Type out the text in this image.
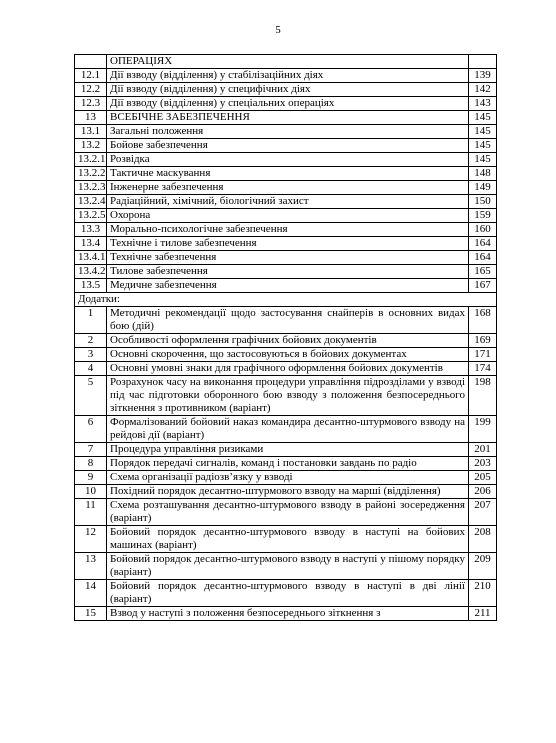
5
	ОПЕРАЦІЯХ	
12.1	Дії взводу (відділення) у стабілізаційних діях	139
12.2	Дії взводу (відділення) у специфічних діях	142
12.3	Дії взводу (відділення) у спеціальних операціях	143
13	ВСЕБІЧНЕ ЗАБЕЗПЕЧЕННЯ	145
13.1	Загальні положення	145
13.2	Бойове забезпечення	145
13.2.1	Розвідка	145
13.2.2	Тактичне маскування	148
13.2.3	Інженерне забезпечення	149
13.2.4	Радіаційний, хімічний, біологічний захист	150
13.2.5	Охорона	159
13.3	Морально-психологічне забезпечення	160
13.4	Технічне і тилове забезпечення	164
13.4.1	Технічне забезпечення	164
13.4.2	Тилове забезпечення	165
13.5	Медичне забезпечення	167
Додатки:		
1	Методичні рекомендації щодо застосування снайперів в основних видах бою (дій)	168
2	Особливості оформлення графічних бойових документів	169
3	Основні скорочення, що застосовуються в бойових документах	171
4	Основні умовні знаки для графічного оформлення бойових документів	174
5	Розрахунок часу на виконання процедури управління підрозділами у взводі під час підготовки оборонного бою взводу з положення безпосереднього зіткнення з противником (варіант)	198
6	Формалізований бойовий наказ командира десантно-штурмового взводу на рейдові дії (варіант)	199
7	Процедура управління ризиками	201
8	Порядок передачі сигналів, команд і постановки завдань по радіо	203
9	Схема організації радіозв’язку у взводі	205
10	Похідний порядок десантно-штурмового взводу на марші (відділення)	206
11	Схема розташування десантно-штурмового взводу в районі зосередження (варіант)	207
12	Бойовий порядок десантно-штурмового взводу в наступі на бойових машинах (варіант)	208
13	Бойовий порядок десантно-штурмового взводу в наступі у пішому порядку (варіант)	209
14	Бойовий порядок десантно-штурмового взводу в наступі в дві лінії (варіант)	210
15	Взвод у наступі з положення безпосереднього зіткнення з	211
